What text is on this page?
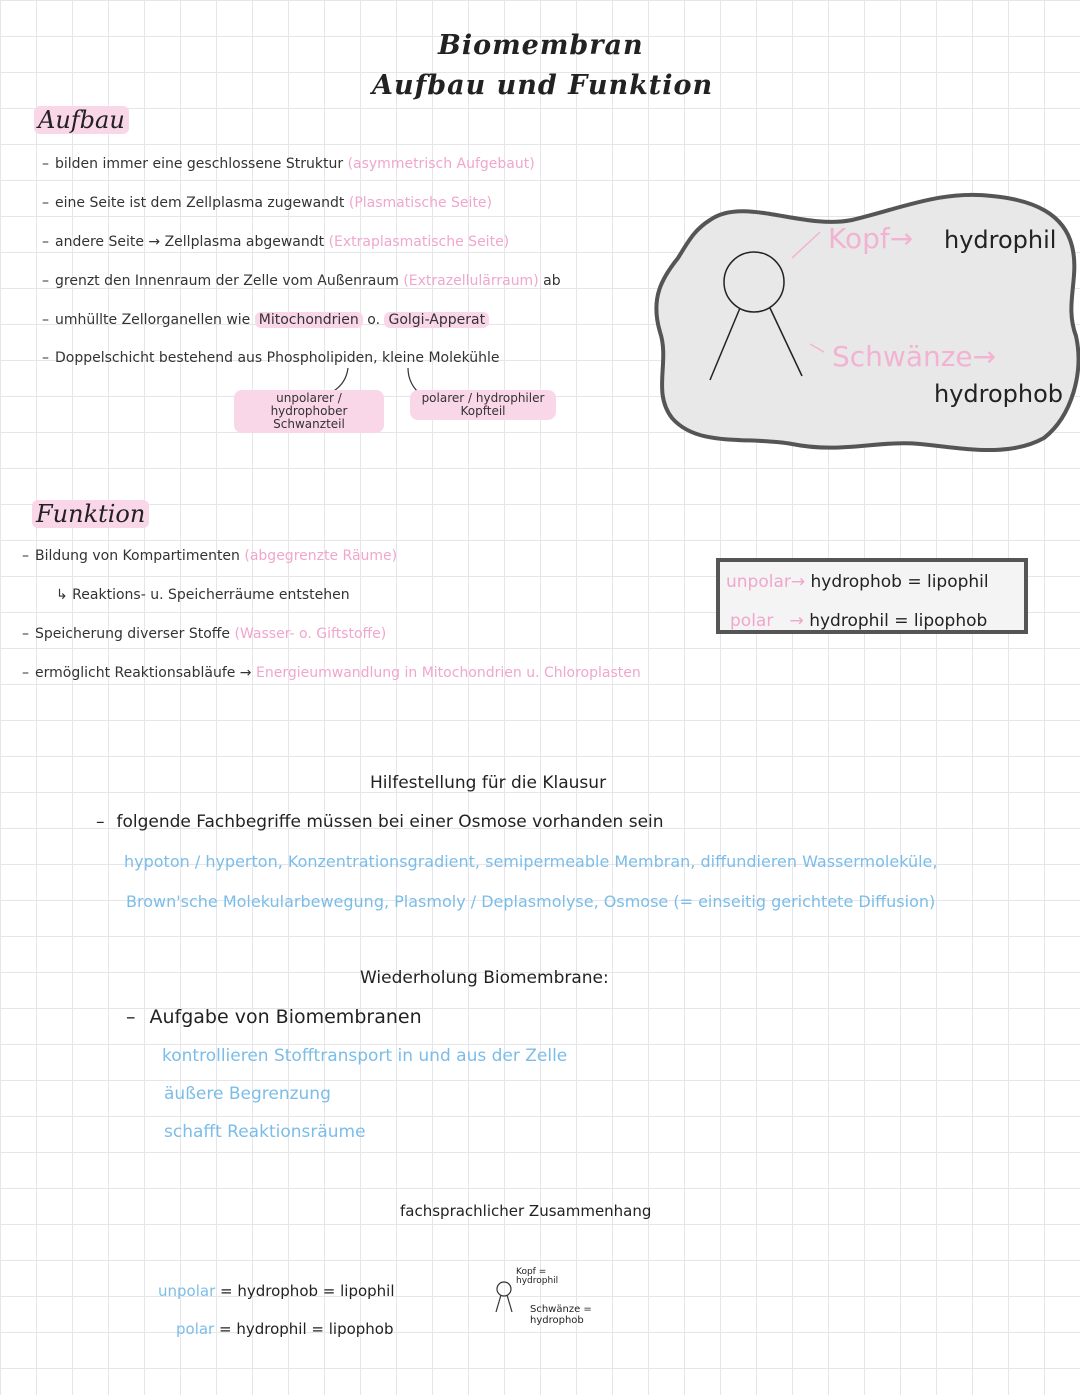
Biomembran
Aufbau und Funktion
Aufbau
– bilden immer eine geschlossene Struktur (asymmetrisch Aufgebaut)
– eine Seite ist dem Zellplasma zugewandt (Plasmatische Seite)
– andere Seite → Zellplasma abgewandt (Extraplasmatische Seite)
– grenzt den Innenraum der Zelle vom Außenraum (Extrazellulärraum) ab
– umhüllte Zellorganellen wie Mitochondrien o. Golgi-Apperat
– Doppelschicht bestehend aus Phospholipiden, kleine Molekühle
unpolarer / hydrophober Schwanzteil
polarer / hydrophiler Kopfteil
Kopf→ hydrophil
Schwänze→
hydrophob
Funktion
– Bildung von Kompartimenten (abgegrenzte Räume)
↳ Reaktions- u. Speicherräume entstehen
– Speicherung diverser Stoffe (Wasser- o. Giftstoffe)
– ermöglicht Reaktionsabläufe → Energieumwandlung in Mitochondrien u. Chloroplasten
unpolar→ hydrophob = lipophil
polar → hydrophil = lipophob
Hilfestellung für die Klausur
– folgende Fachbegriffe müssen bei einer Osmose vorhanden sein
hypoton / hyperton, Konzentrationsgradient, semipermeable Membran, diffundieren Wassermoleküle,
Brown'sche Molekularbewegung, Plasmoly / Deplasmolyse, Osmose (= einseitig gerichtete Diffusion)
Wiederholung Biomembrane:
– Aufgabe von Biomembranen
kontrollieren Stofftransport in und aus der Zelle
äußere Begrenzung
schafft Reaktionsräume
fachsprachlicher Zusammenhang
unpolar = hydrophob = lipophil
polar = hydrophil = lipophob
Kopf = hydrophil
Schwänze = hydrophob
